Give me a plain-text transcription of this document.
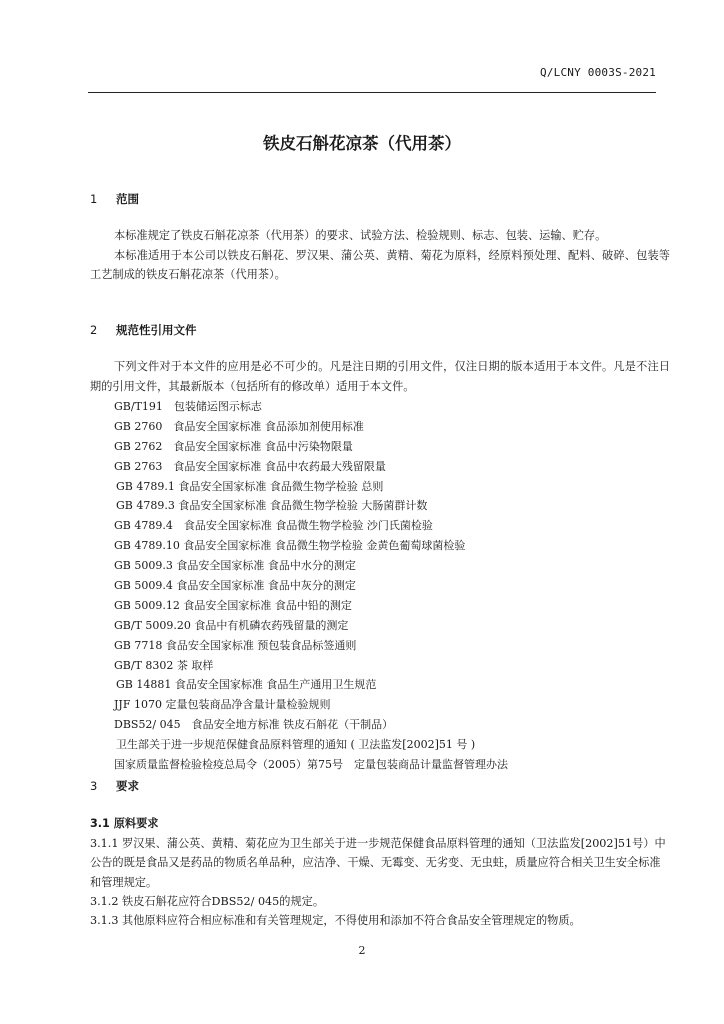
Q/LCNY 0003S-2021
铁皮石斛花凉茶（代用茶）
1 范围

本标准规定了铁皮石斛花凉茶（代用茶）的要求、试验方法、检验规则、标志、包装、运输、贮存。

本标准适用于本公司以铁皮石斛花、罗汉果、蒲公英、黄精、菊花为原料，经原料预处理、配料、破碎、包装等工艺制成的铁皮石斛花凉茶（代用茶）。

2 规范性引用文件

下列文件对于本文件的应用是必不可少的。凡是注日期的引用文件，仅注日期的版本适用于本文件。凡是不注日期的引用文件，其最新版本（包括所有的修改单）适用于本文件。

GB/T191　包装储运图示标志
GB 2760　食品安全国家标准 食品添加剂使用标准
GB 2762　食品安全国家标准 食品中污染物限量
GB 2763　食品安全国家标准 食品中农药最大残留限量
GB 4789.1 食品安全国家标准 食品微生物学检验 总则
GB 4789.3 食品安全国家标准 食品微生物学检验 大肠菌群计数
GB 4789.4　食品安全国家标准 食品微生物学检验 沙门氏菌检验
GB 4789.10 食品安全国家标准 食品微生物学检验 金黄色葡萄球菌检验
GB 5009.3 食品安全国家标准 食品中水分的测定
GB 5009.4 食品安全国家标准 食品中灰分的测定
GB 5009.12 食品安全国家标准 食品中铅的测定
GB/T 5009.20 食品中有机磷农药残留量的测定
GB 7718 食品安全国家标准 预包装食品标签通则
GB/T 8302 茶 取样
GB 14881 食品安全国家标准 食品生产通用卫生规范
JJF 1070 定量包装商品净含量计量检验规则
DBS52/ 045　食品安全地方标准 铁皮石斛花（干制品）
卫生部关于进一步规范保健食品原料管理的通知 ( 卫法监发[2002]51 号 )
国家质量监督检验检疫总局令（2005）第75号　定量包装商品计量监督管理办法
3 要求
3.1 原料要求

3.1.1 罗汉果、蒲公英、黄精、菊花应为卫生部关于进一步规范保健食品原料管理的通知（卫法监发[2002]51号）中公告的既是食品又是药品的物质名单品种，应洁净、干燥、无霉变、无劣变、无虫蛀，质量应符合相关卫生安全标准和管理规定。

3.1.2 铁皮石斛花应符合DBS52/ 045的规定。

3.1.3 其他原料应符合相应标准和有关管理规定，不得使用和添加不符合食品安全管理规定的物质。

2
